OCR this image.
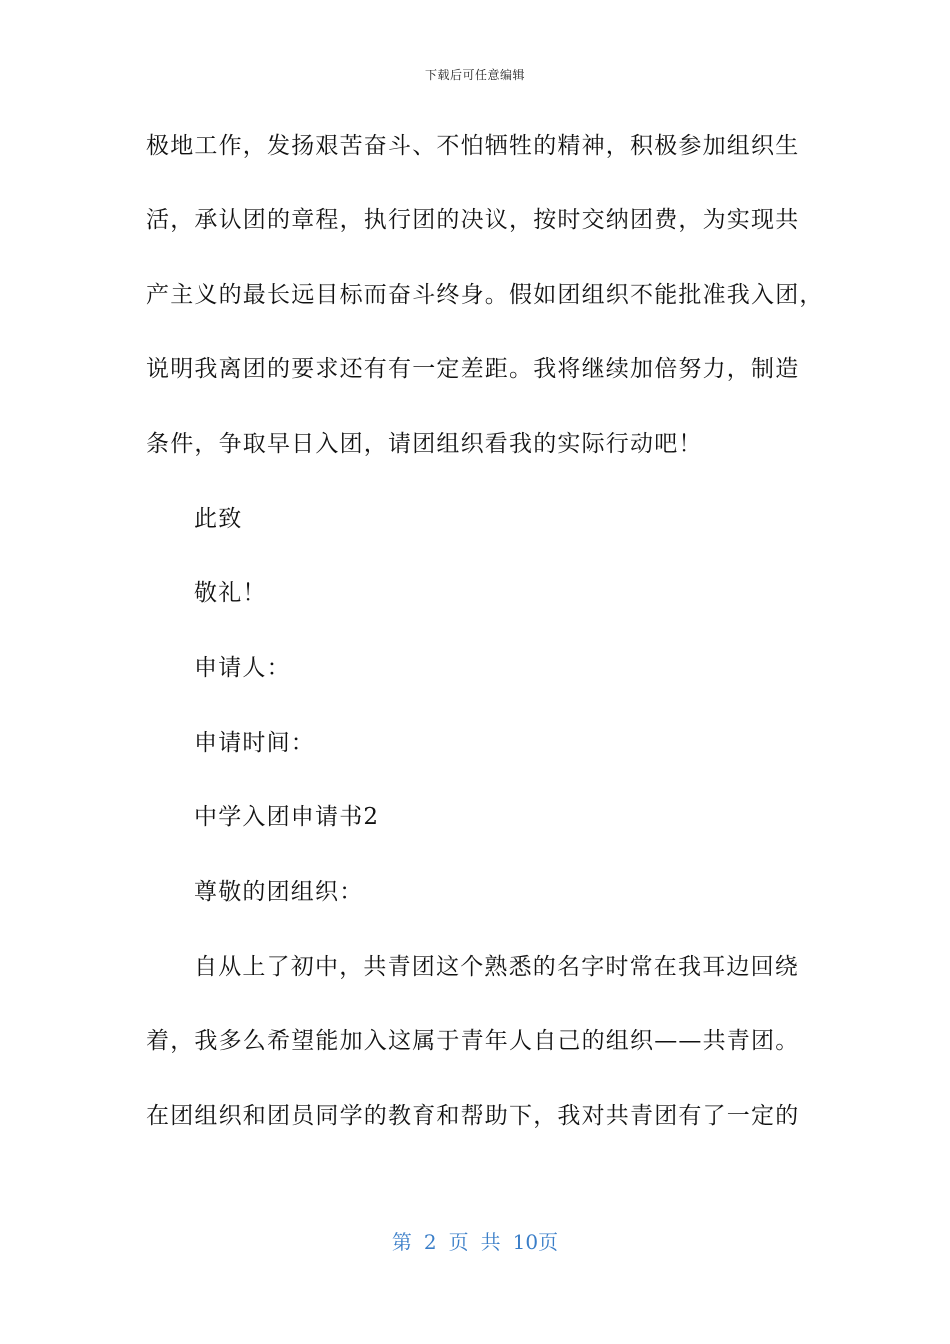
下载后可任意编辑
极地工作，发扬艰苦奋斗、不怕牺牲的精神，积极参加组织生
活，承认团的章程，执行团的决议，按时交纳团费，为实现共
产主义的最长远目标而奋斗终身。假如团组织不能批准我入团，
说明我离团的要求还有有一定差距。我将继续加倍努力，制造
条件，争取早日入团，请团组织看我的实际行动吧！
此致
敬礼！
申请人：
申请时间：
中学入团申请书2
尊敬的团组织：
自从上了初中，共青团这个熟悉的名字时常在我耳边回绕
着，我多么希望能加入这属于青年人自己的组织——共青团。
在团组织和团员同学的教育和帮助下，我对共青团有了一定的
第 2 页 共 10页
